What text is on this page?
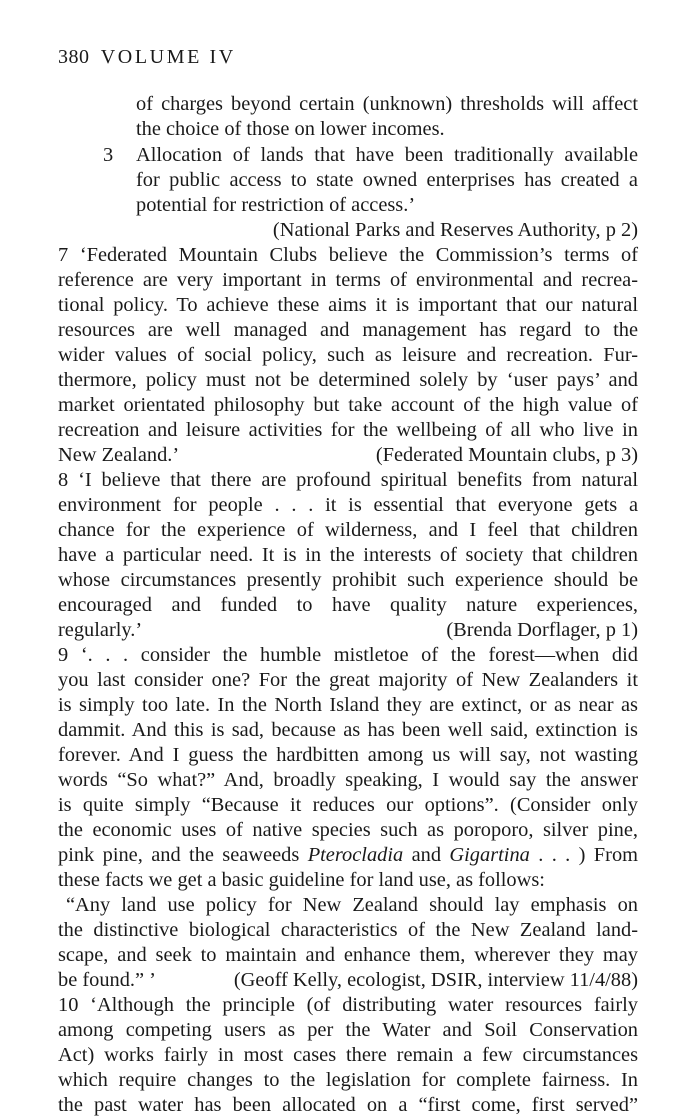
380 VOLUME IV
of charges beyond certain (unknown) thresholds will affect
the choice of those on lower incomes.
3	Allocation of lands that have been traditionally available
for public access to state owned enterprises has created a
potential for restriction of access.’
(National Parks and Reserves Authority, p 2)
7 ‘Federated Mountain Clubs believe the Commission’s terms of
reference are very important in terms of environmental and recrea-
tional policy. To achieve these aims it is important that our natural
resources are well managed and management has regard to the
wider values of social policy, such as leisure and recreation. Fur-
thermore, policy must not be determined solely by ‘user pays’ and
market orientated philosophy but take account of the high value of
recreation and leisure activities for the wellbeing of all who live in
New Zealand.’	(Federated Mountain clubs, p 3)
8 ‘I believe that there are profound spiritual benefits from natural
environment for people . . . it is essential that everyone gets a
chance for the experience of wilderness, and I feel that children
have a particular need. It is in the interests of society that children
whose circumstances presently prohibit such experience should be
encouraged and funded to have quality nature experiences,
regularly.’	(Brenda Dorflager, p 1)
9 ‘. . . consider the humble mistletoe of the forest—when did
you last consider one? For the great majority of New Zealanders it
is simply too late. In the North Island they are extinct, or as near as
dammit. And this is sad, because as has been well said, extinction is
forever. And I guess the hardbitten among us will say, not wasting
words “So what?” And, broadly speaking, I would say the answer
is quite simply “Because it reduces our options”. (Consider only
the economic uses of native species such as poroporo, silver pine,
pink pine, and the seaweeds Pterocladia and Gigartina . . . ) From
these facts we get a basic guideline for land use, as follows:
“Any land use policy for New Zealand should lay emphasis on
the distinctive biological characteristics of the New Zealand land-
scape, and seek to maintain and enhance them, wherever they may
be found.” ’	(Geoff Kelly, ecologist, DSIR, interview 11/4/88)
10 ‘Although the principle (of distributing water resources fairly
among competing users as per the Water and Soil Conservation
Act) works fairly in most cases there remain a few circumstances
which require changes to the legislation for complete fairness. In
the past water has been allocated on a “first come, first served”
